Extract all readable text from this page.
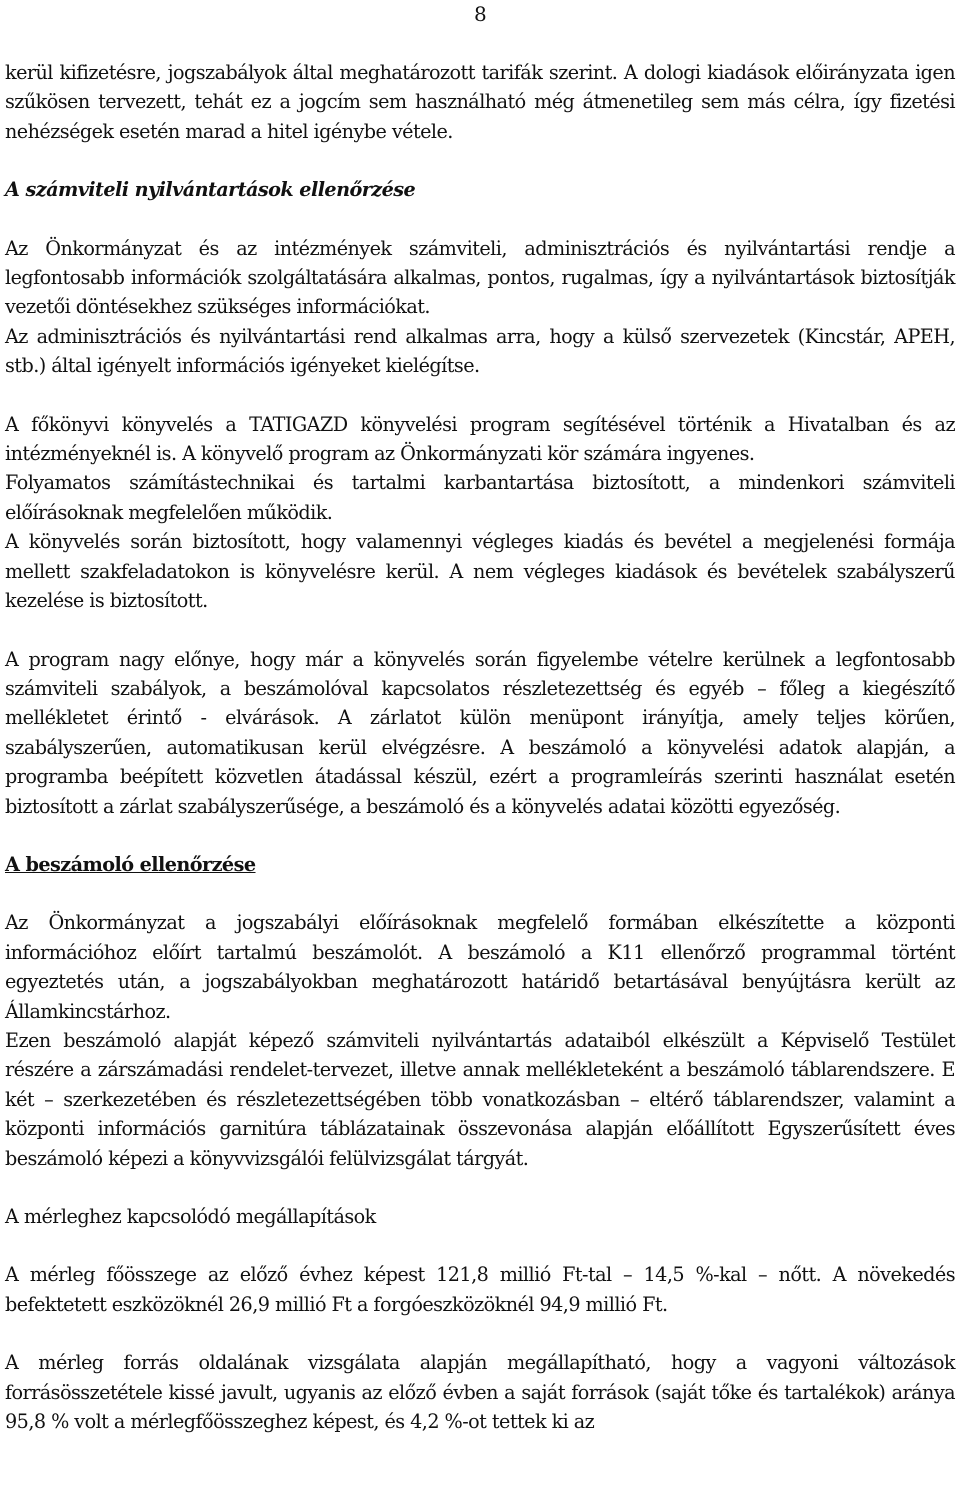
8

kerül kifizetésre, jogszabályok által meghatározott tarifák szerint. A dologi kiadások előirányzata igen szűkösen tervezett, tehát ez a jogcím sem használható még átmenetileg sem más célra, így fizetési nehézségek esetén marad a hitel igénybe vétele.

A számviteli nyilvántartások ellenőrzése

Az Önkormányzat és az intézmények számviteli, adminisztrációs és nyilvántartási rendje a legfontosabb információk szolgáltatására alkalmas, pontos, rugalmas, így a nyilvántartások biztosítják vezetői döntésekhez szükséges információkat.

Az adminisztrációs és nyilvántartási rend alkalmas arra, hogy a külső szervezetek (Kincstár, APEH, stb.) által igényelt információs igényeket kielégítse.

A főkönyvi könyvelés a TATIGAZD könyvelési program segítésével történik a Hivatalban és az intézményeknél is. A könyvelő program az Önkormányzati kör számára ingyenes.

Folyamatos számítástechnikai és tartalmi karbantartása biztosított, a mindenkori számviteli előírásoknak megfelelően működik.

A könyvelés során biztosított, hogy valamennyi végleges kiadás és bevétel a megjelenési formája mellett szakfeladatokon is könyvelésre kerül. A nem végleges kiadások és bevételek szabályszerű kezelése is biztosított.

A program nagy előnye, hogy már a könyvelés során figyelembe vételre kerülnek a legfontosabb számviteli szabályok, a beszámolóval kapcsolatos részletezettség és egyéb – főleg a kiegészítő mellékletet érintő - elvárások. A zárlatot külön menüpont irányítja, amely teljes körűen, szabályszerűen, automatikusan kerül elvégzésre. A beszámoló a könyvelési adatok alapján, a programba beépített közvetlen átadással készül, ezért a programleírás szerinti használat esetén biztosított a zárlat szabályszerűsége, a beszámoló és a könyvelés adatai közötti egyezőség.

A beszámoló ellenőrzése

Az Önkormányzat a jogszabályi előírásoknak megfelelő formában elkészítette a központi információhoz előírt tartalmú beszámolót. A beszámoló a K11 ellenőrző programmal történt egyeztetés után, a jogszabályokban meghatározott határidő betartásával benyújtásra került az Államkincstárhoz.

Ezen beszámoló alapját képező számviteli nyilvántartás adataiból elkészült a Képviselő Testület részére a zárszámadási rendelet-tervezet, illetve annak mellékleteként a beszámoló táblarendszere. E két – szerkezetében és részletezettségében több vonatkozásban – eltérő táblarendszer, valamint a központi információs garnitúra táblázatainak összevonása alapján előállított Egyszerűsített éves beszámoló képezi a könyvvizsgálói felülvizsgálat tárgyát.

A mérleghez kapcsolódó megállapítások

A mérleg főösszege az előző évhez képest 121,8 millió Ft-tal – 14,5 %-kal – nőtt. A növekedés befektetett eszközöknél 26,9 millió Ft a forgóeszközöknél 94,9 millió Ft.

A mérleg forrás oldalának vizsgálata alapján megállapítható, hogy a vagyoni változások forrásösszetétele kissé javult, ugyanis az előző évben a saját források (saját tőke és tartalékok) aránya 95,8 % volt a mérlegfőösszeghez képest, és 4,2 %-ot tettek ki az
